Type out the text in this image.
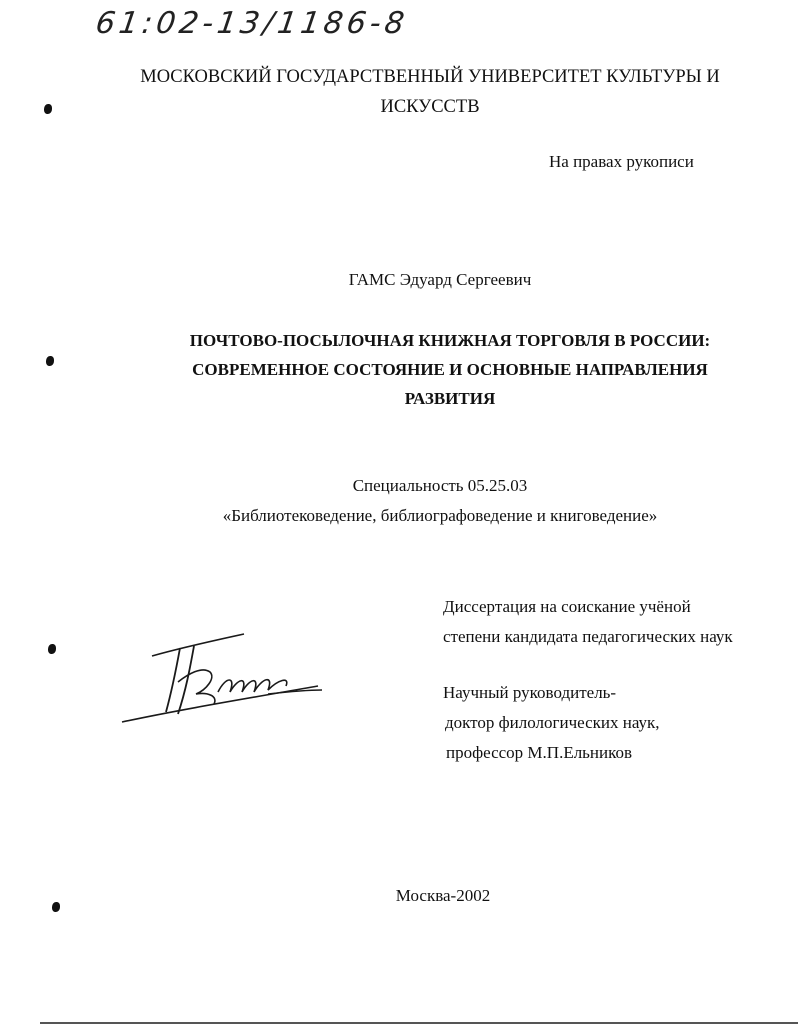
61:02-13/1186-8
МОСКОВСКИЙ ГОСУДАРСТВЕННЫЙ УНИВЕРСИТЕТ КУЛЬТУРЫ И
ИСКУССТВ
На правах рукописи
ГАМС Эдуард Сергеевич
ПОЧТОВО-ПОСЫЛОЧНАЯ КНИЖНАЯ ТОРГОВЛЯ В РОССИИ:
СОВРЕМЕННОЕ СОСТОЯНИЕ И ОСНОВНЫЕ НАПРАВЛЕНИЯ
РАЗВИТИЯ
Специальность 05.25.03
«Библиотековедение, библиографоведение и книговедение»
Диссертация на соискание учёной
степени кандидата педагогических наук
Научный руководитель-
доктор филологических наук,
профессор М.П.Ельников
Москва-2002
